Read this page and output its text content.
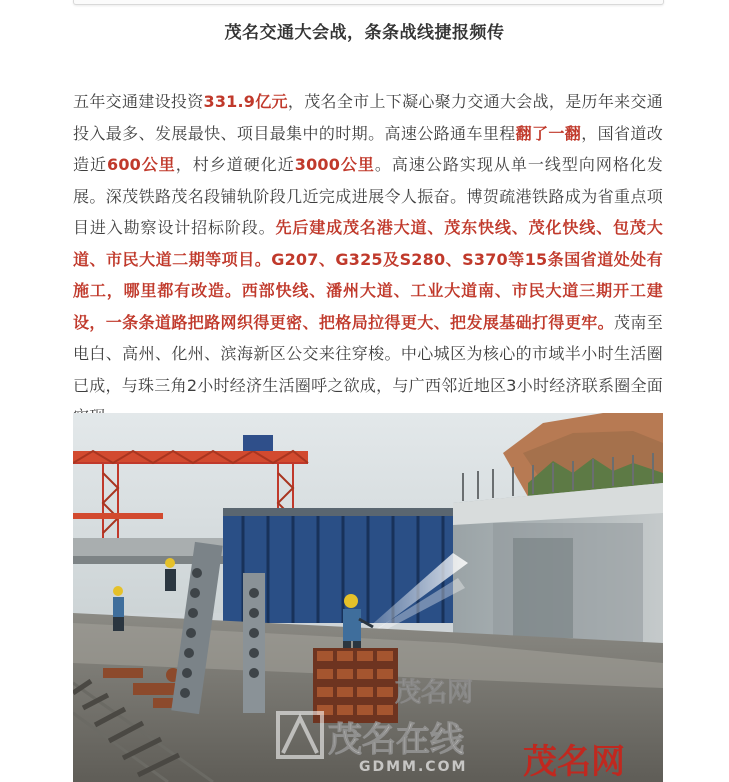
茂名交通大会战，条条战线捷报频传

五年交通建设投资331.9亿元，茂名全市上下凝心聚力交通大会战，是历年来交通投入最多、发展最快、项目最集中的时期。高速公路通车里程翻了一翻，国省道改造近600公里，村乡道硬化近3000公里。高速公路实现从单一线型向网格化发展。深茂铁路茂名段铺轨阶段几近完成进展令人振奋。博贺疏港铁路成为省重点项目进入勘察设计招标阶段。先后建成茂名港大道、茂东快线、茂化快线、包茂大道、市民大道二期等项目。G207、G325及S280、S370等15条国省道处处有施工，哪里都有改造。西部快线、潘州大道、工业大道南、市民大道三期开工建设，一条条道路把路网织得更密、把格局拉得更大、把发展基础打得更牢。茂南至电白、高州、化州、滨海新区公交来往穿梭。中心城区为核心的市域半小时生活圈已成，与珠三角2小时经济生活圈呼之欲成，与广西邻近地区3小时经济联系圈全面

茂名网
茂名在线
GDMM.COM 茂名网
